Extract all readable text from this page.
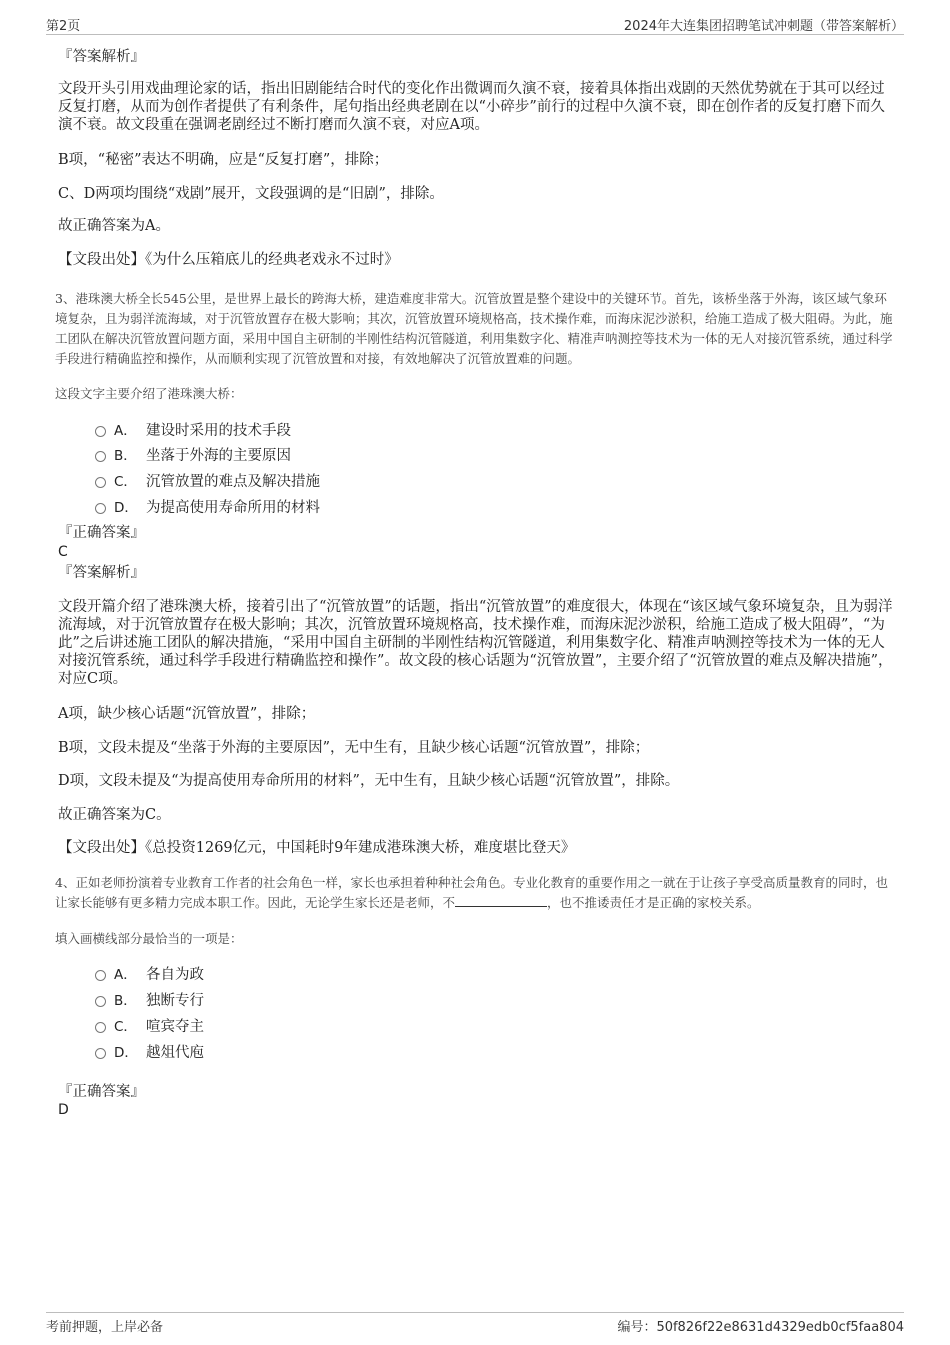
第2页	2024年大连集团招聘笔试冲刺题（带答案解析）
『答案解析』
文段开头引用戏曲理论家的话，指出旧剧能结合时代的变化作出微调而久演不衰，接着具体指出戏剧的天然优势就在于其可以经过反复打磨，从而为创作者提供了有利条件，尾句指出经典老剧在以“小碎步”前行的过程中久演不衰，即在创作者的反复打磨下而久演不衰。故文段重在强调老剧经过不断打磨而久演不衰，对应A项。
B项，“秘密”表达不明确，应是“反复打磨”，排除；
C、D两项均围绕“戏剧”展开，文段强调的是“旧剧”，排除。
故正确答案为A。
【文段出处】《为什么压箱底儿的经典老戏永不过时》
3、港珠澳大桥全长545公里，是世界上最长的跨海大桥，建造难度非常大。沉管放置是整个建设中的关键环节。首先，该桥坐落于外海，该区域气象环境复杂，且为弱洋流海域，对于沉管放置存在极大影响；其次，沉管放置环境规格高，技术操作难，而海床泥沙淤积，给施工造成了极大阻碍。为此，施工团队在解决沉管放置问题方面，采用中国自主研制的半刚性结构沉管隧道，利用集数字化、精准声呐测控等技术为一体的无人对接沉管系统，通过科学手段进行精确监控和操作，从而顺利实现了沉管放置和对接，有效地解决了沉管放置难的问题。
这段文字主要介绍了港珠澳大桥：
A． 建设时采用的技术手段
B． 坐落于外海的主要原因
C． 沉管放置的难点及解决措施
D． 为提高使用寿命所用的材料
『正确答案』
C
『答案解析』
文段开篇介绍了港珠澳大桥，接着引出了“沉管放置”的话题，指出“沉管放置”的难度很大，体现在“该区域气象环境复杂，且为弱洋流海域，对于沉管放置存在极大影响；其次，沉管放置环境规格高，技术操作难，而海床泥沙淤积，给施工造成了极大阻碍”，“为此”之后讲述施工团队的解决措施，“采用中国自主研制的半刚性结构沉管隧道，利用集数字化、精准声呐测控等技术为一体的无人对接沉管系统，通过科学手段进行精确监控和操作”。故文段的核心话题为“沉管放置”，主要介绍了“沉管放置的难点及解决措施”，对应C项。
A项，缺少核心话题“沉管放置”，排除；
B项，文段未提及“坐落于外海的主要原因”，无中生有，且缺少核心话题“沉管放置”，排除；
D项，文段未提及“为提高使用寿命所用的材料”，无中生有，且缺少核心话题“沉管放置”，排除。
故正确答案为C。
【文段出处】《总投资1269亿元，中国耗时9年建成港珠澳大桥，难度堪比登天》
4、正如老师扮演着专业教育工作者的社会角色一样，家长也承担着种种社会角色。专业化教育的重要作用之一就在于让孩子享受高质量教育的同时，也让家长能够有更多精力完成本职工作。因此，无论学生家长还是老师，不	，也不推诿责任才是正确的家校关系。
填入画横线部分最恰当的一项是：
A． 各自为政
B． 独断专行
C． 喧宾夺主
D． 越俎代庖
『正确答案』
D
考前押题，上岸必备	编号：50f826f22e8631d4329edb0cf5faa804
